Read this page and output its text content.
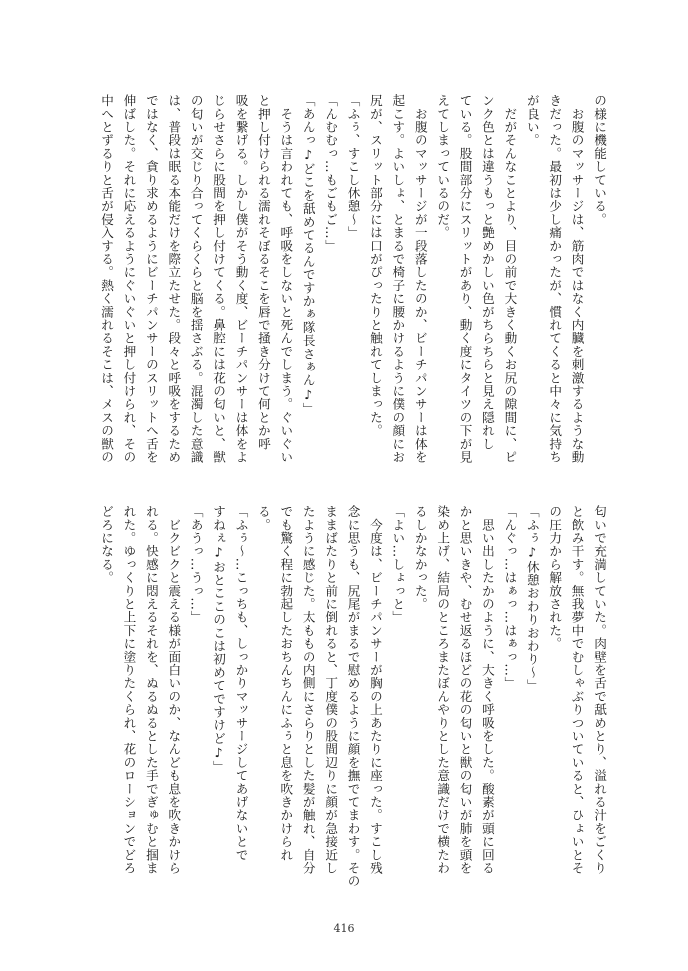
の様に機能している。
　お腹のマッサージは、筋肉ではなく内臓を刺激するような動
きだった。最初は少し痛かったが、慣れてくると中々に気持ち
が良い。
　だがそんなことより、目の前で大きく動くお尻の隙間に、ピ
ンク色とは違うもっと艶めかしい色がちらちらと見え隠れし
ている。股間部分にスリットがあり、動く度にタイツの下が見
えてしまっているのだ。
　お腹のマッサージが一段落したのか、ビーチパンサーは体を
起こす。よいしょ、とまるで椅子に腰かけるように僕の顔にお
尻が、スリット部分には口がぴったりと触れてしまった。
「ふぅ、すこし休憩～」
「んむむっ…もごもご…」
「あんっ♪どこを舐めてるんですかぁ隊長さぁん♪」
　そうは言われても、呼吸をしないと死んでしまう。ぐいぐい
と押し付けられる濡れそぼるそこを唇で掻き分けて何とか呼
吸を繋げる。しかし僕がそう動く度、ビーチパンサーは体をよ
じらせさらに股間を押し付けてくる。鼻腔には花の匂いと、獣
の匂いが交じり合ってくらくらと脳を揺さぶる。混濁した意識
は、普段は眠る本能だけを際立たせた。段々と呼吸をするため
ではなく、貪り求めるようにビーチパンサーのスリットへ舌を
伸ばした。それに応えるようにぐいぐいと押し付けられ、その
中へとずるりと舌が侵入する。熱く濡れるそこは、メスの獣の
匂いで充満していた。肉壁を舌で舐めとり、溢れる汁をごくり
と飲み干す。無我夢中でむしゃぶりついていると、ひょいとそ
の圧力から解放された。
「ふぅ♪休憩おわりおわり～」
「んぐっ…はぁっ…はぁっ…」
　思い出したかのように、大きく呼吸をした。酸素が頭に回る
かと思いきや、むせ返るほどの花の匂いと獣の匂いが肺を頭を
染め上げ、結局のところまたぼんやりとした意識だけで横たわ
るしかなかった。
「よい…しょっと」
　今度は、ビーチパンサーが胸の上あたりに座った。すこし残
念に思うも、尻尾がまるで慰めるように顔を撫でてまわす。その
ままばたりと前に倒れると、丁度僕の股間辺りに顔が急接近し
たように感じた。太ももの内側にさらりとした髪が触れ、自分
でも驚く程に勃起したおちんちんにふぅと息を吹きかけられ
る。
「ふぅ～…こっちも、しっかりマッサージしてあげないとで
すねぇ♪おとここのこは初めてですけど♪」
「あうっ…うっ…」
　ビクビクと震える様が面白いのか、なんども息を吹きかけら
れる。快感に悶えるそれを、ぬるぬるとした手でぎゅむと掴ま
れた。ゆっくりと上下に塗りたくられ、花のローションでどろ
どろになる。
416
